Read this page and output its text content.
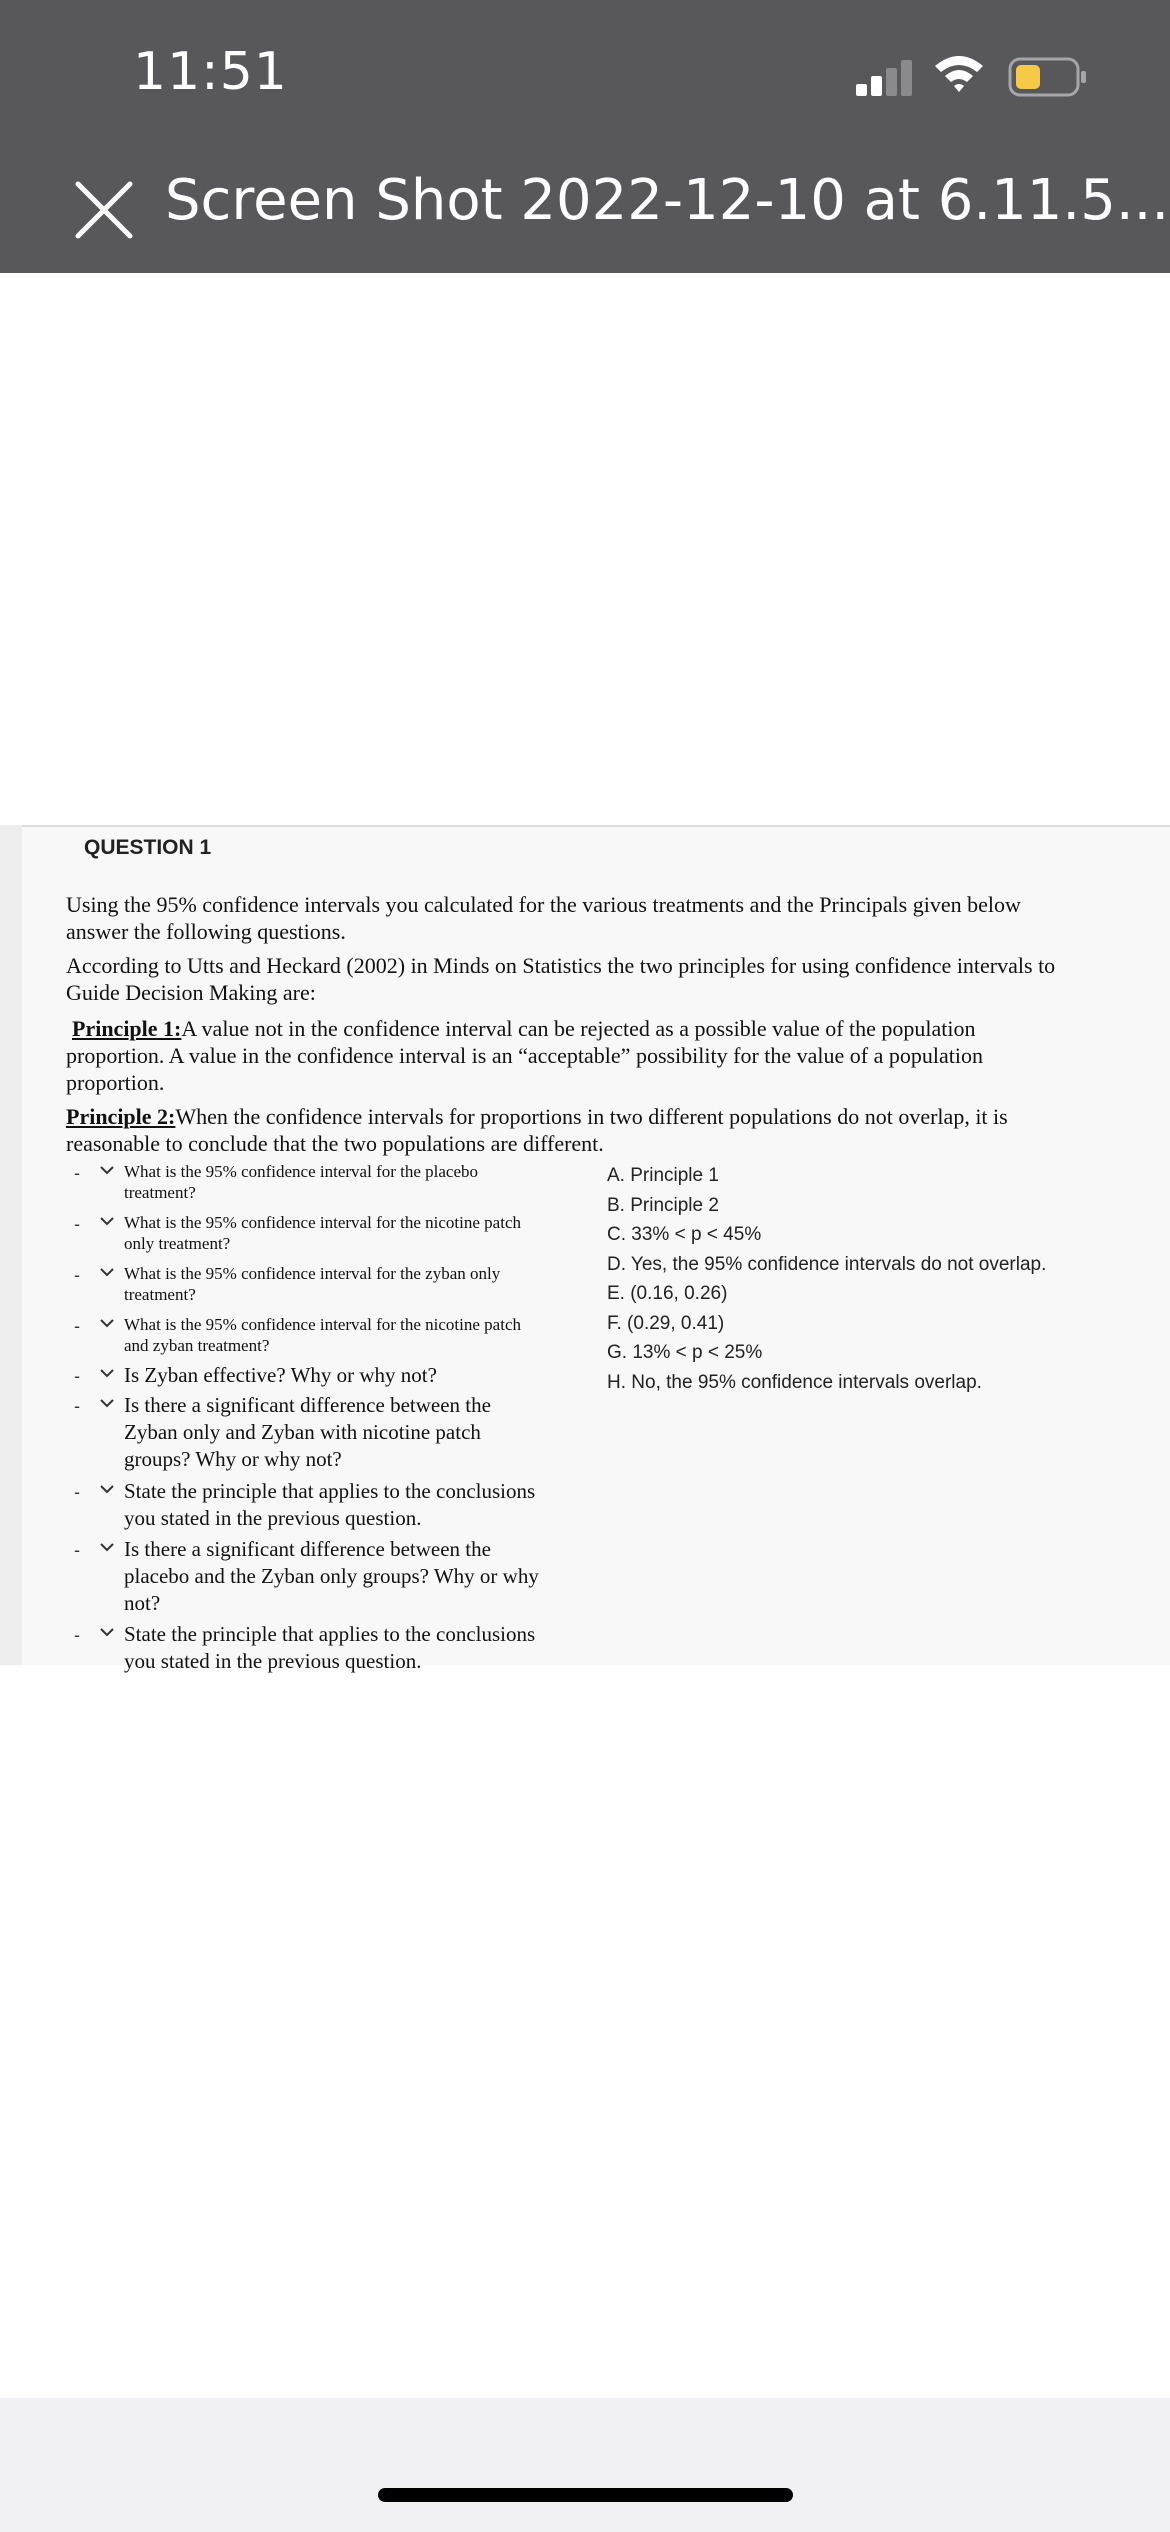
11:51
Screen Shot 2022-12-10 at 6.11.5...
QUESTION 1
Using the 95% confidence intervals you calculated for the various treatments and the Principals given below
answer the following questions.
According to Utts and Heckard (2002) in Minds on Statistics the two principles for using confidence intervals to
Guide Decision Making are:
Principle 1:A value not in the confidence interval can be rejected as a possible value of the population
proportion. A value in the confidence interval is an “acceptable” possibility for the value of a population
proportion.
Principle 2:When the confidence intervals for proportions in two different populations do not overlap, it is
reasonable to conclude that the two populations are different.
-	What is the 95% confidence interval for the placebo
treatment?
-	What is the 95% confidence interval for the nicotine patch
only treatment?
-	What is the 95% confidence interval for the zyban only
treatment?
-	What is the 95% confidence interval for the nicotine patch
and zyban treatment?
- Is Zyban effective? Why or why not?
- Is there a significant difference between the
Zyban only and Zyban with nicotine patch
groups? Why or why not?
- State the principle that applies to the conclusions
you stated in the previous question.
- Is there a significant difference between the
placebo and the Zyban only groups? Why or why
not?
- State the principle that applies to the conclusions
you stated in the previous question.
A. Principle 1
B. Principle 2
C. 33% < p < 45%
D. Yes, the 95% confidence intervals do not overlap.
E. (0.16, 0.26)
F. (0.29, 0.41)
G. 13% < p < 25%
H. No, the 95% confidence intervals overlap.
